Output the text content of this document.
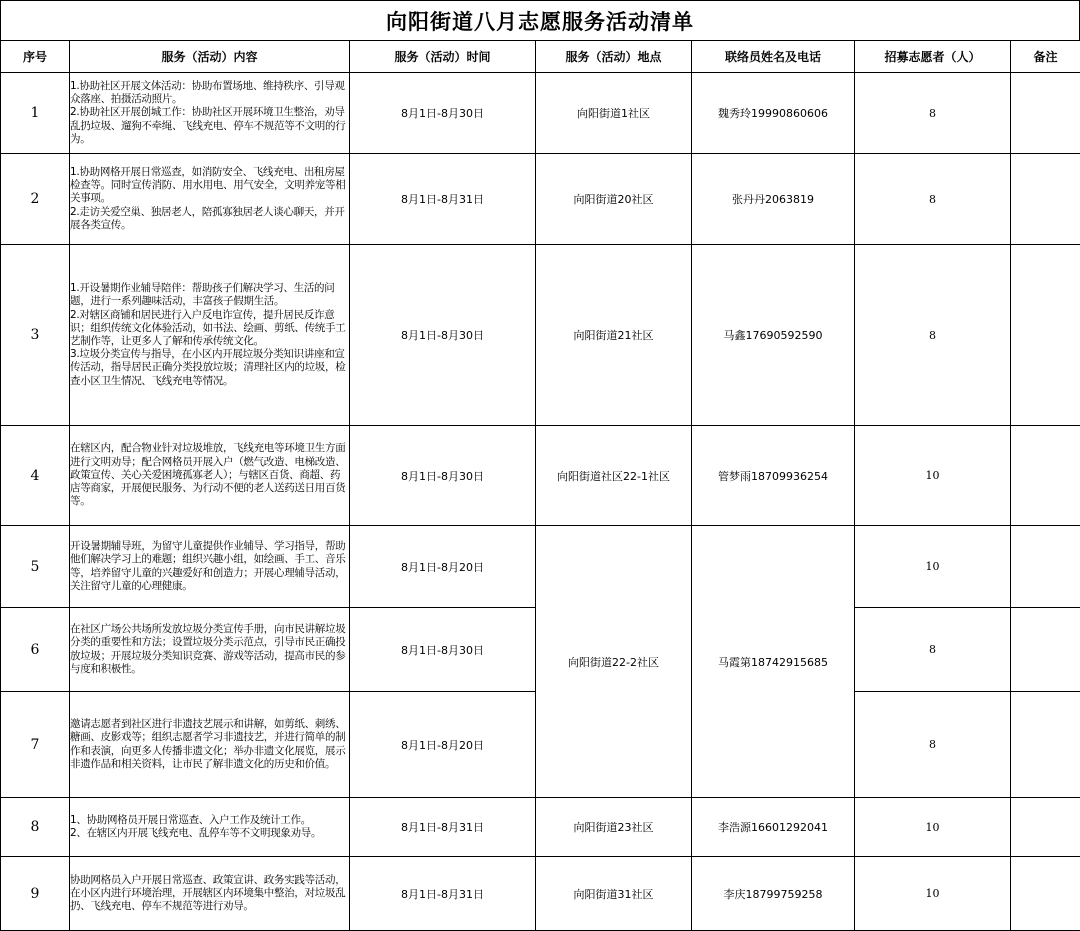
向阳街道八月志愿服务活动清单
序号	服务（活动）内容	服务（活动）时间	服务（活动）地点	联络员姓名及电话	招募志愿者（人）	备注
1	1.协助社区开展文体活动：协助布置场地、维持秩序、引导观众落座、拍摄活动照片。
2.协助社区开展创城工作：协助社区开展环境卫生整治，劝导乱扔垃圾、遛狗不牵绳、飞线充电、停车不规范等不文明的行为。	8月1日-8月30日	向阳街道1社区	魏秀玲19990860606	8	
2	1.协助网格开展日常巡查，如消防安全、飞线充电、出租房屋检查等。同时宣传消防、用水用电、用气安全，文明养宠等相关事项。
2.走访关爱空巢、独居老人，陪孤寡独居老人谈心聊天，并开展各类宣传。	8月1日-8月31日	向阳街道20社区	张丹丹2063819	8	
3	1.开设暑期作业辅导陪伴：帮助孩子们解决学习、生活的问题，进行一系列趣味活动，丰富孩子假期生活。
2.对辖区商铺和居民进行入户反电诈宣传，提升居民反诈意识；组织传统文化体验活动，如书法、绘画、剪纸、传统手工艺制作等，让更多人了解和传承传统文化。
3.垃圾分类宣传与指导，在小区内开展垃圾分类知识讲座和宣传活动，指导居民正确分类投放垃圾；清理社区内的垃圾，检查小区卫生情况、飞线充电等情况。	8月1日-8月30日	向阳街道21社区	马鑫17690592590	8	
4	在辖区内，配合物业针对垃圾堆放，飞线充电等环境卫生方面进行文明劝导；配合网格员开展入户（燃气改造、电梯改造、政策宣传、关心关爱困境孤寡老人）；与辖区百货、商超、药店等商家，开展便民服务、为行动不便的老人送药送日用百货等。	8月1日-8月30日	向阳街道社区22-1社区	管梦雨18709936254	10	
5	开设暑期辅导班，为留守儿童提供作业辅导、学习指导，帮助他们解决学习上的难题；组织兴趣小组，如绘画、手工、音乐等，培养留守儿童的兴趣爱好和创造力；开展心理辅导活动，关注留守儿童的心理健康。	8月1日-8月20日	向阳街道22-2社区	马霞第18742915685	10	
6	在社区广场公共场所发放垃圾分类宣传手册，向市民讲解垃圾分类的重要性和方法；设置垃圾分类示范点，引导市民正确投放垃圾；开展垃圾分类知识竞赛、游戏等活动，提高市民的参与度和积极性。	8月1日-8月30日			8	
7	邀请志愿者到社区进行非遗技艺展示和讲解，如剪纸、刺绣、糖画、皮影戏等；组织志愿者学习非遗技艺，并进行简单的制作和表演，向更多人传播非遗文化；举办非遗文化展览，展示非遗作品和相关资料，让市民了解非遗文化的历史和价值。	8月1日-8月20日			8	
8	1、协助网格员开展日常巡查、入户工作及统计工作。
2、在辖区内开展飞线充电、乱停车等不文明现象劝导。	8月1日-8月31日	向阳街道23社区	李浩源16601292041	10	
9	协助网格员入户开展日常巡查、政策宣讲、政务实践等活动，在小区内进行环境治理，开展辖区内环境集中整治，对垃圾乱扔、飞线充电、停车不规范等进行劝导。	8月1日-8月31日	向阳街道31社区	李庆18799759258	10	
